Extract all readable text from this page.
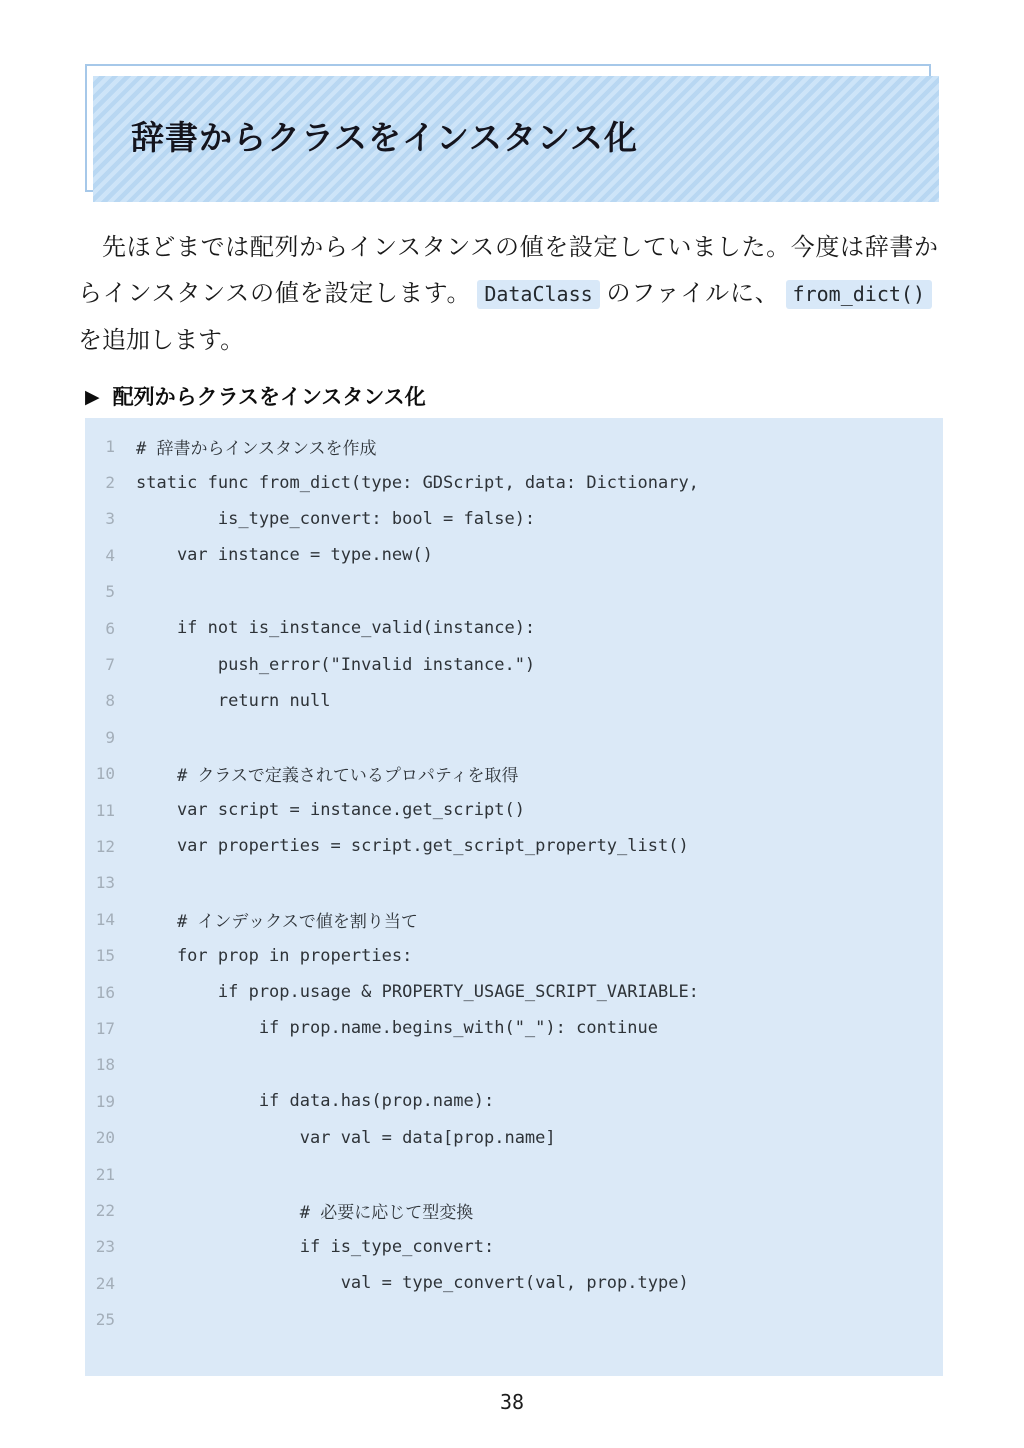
辞書からクラスをインスタンス化

先ほどまでは配列からインスタンスの値を設定していました。今度は辞書からインスタンスの値を設定します。 DataClass のファイルに、 from_dict()を追加します。

▶ 配列からクラスをインスタンス化
1 # 辞書からインスタンスを作成
2 static func from_dict(type: GDScript, data: Dictionary,
3 is_type_convert: bool = false):
4 var instance = type.new()
5
6 if not is_instance_valid(instance):
7 push_error("Invalid instance.")
8 return null
9
10 # クラスで定義されているプロパティを取得
11 var script = instance.get_script()
12 var properties = script.get_script_property_list()
13
14 # インデックスで値を割り当て
15 for prop in properties:
16 if prop.usage & PROPERTY_USAGE_SCRIPT_VARIABLE:
17 if prop.name.begins_with("_"): continue
18
19 if data.has(prop.name):
20 var val = data[prop.name]
21
22 # 必要に応じて型変換
23 if is_type_convert:
24 val = type_convert(val, prop.type)
25
38
